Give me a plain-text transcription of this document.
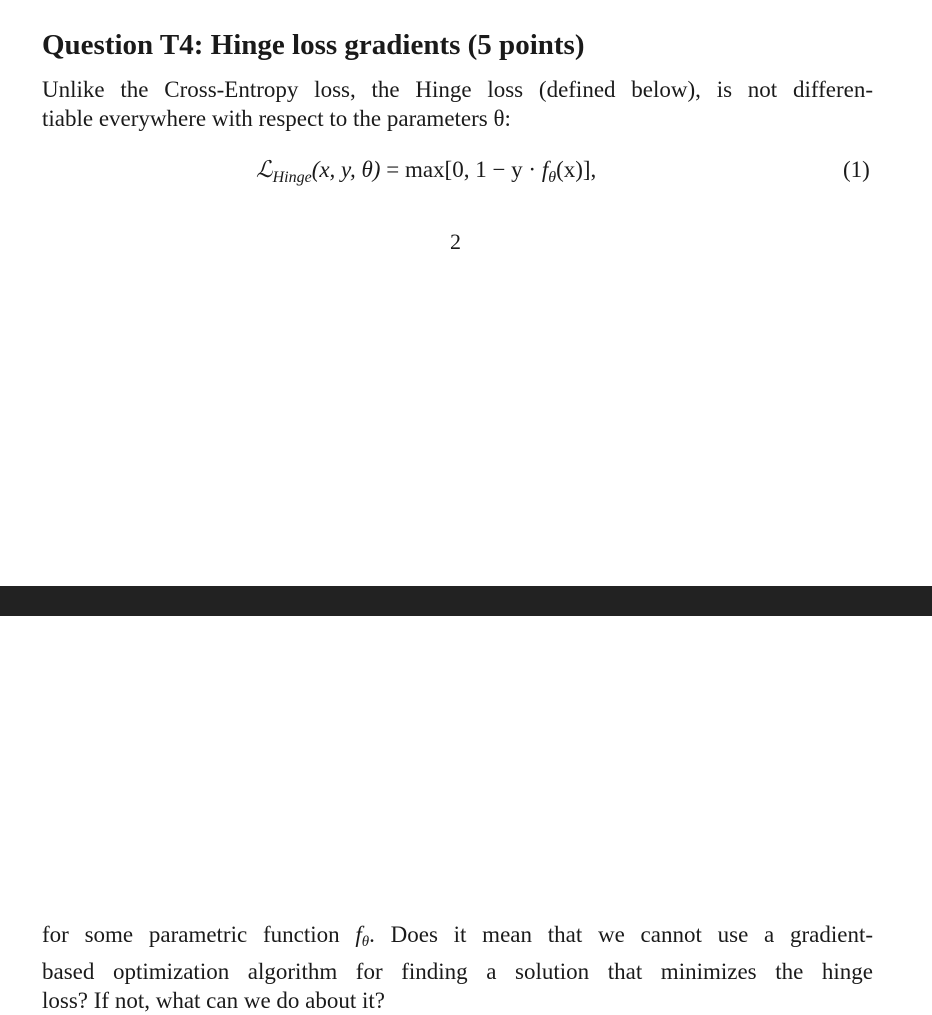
Question T4: Hinge loss gradients (5 points)

Unlike the Cross-Entropy loss, the Hinge loss (defined below), is not differen-
tiable everywhere with respect to the parameters θ:

ℒ$_{Hinge}$(x, y, θ) = max[0, $1 - y \cdot f_\theta(x)$],	(1)
2

for some parametric function $f_\theta$. Does it mean that we cannot use a gradient-
based optimization algorithm for finding a solution that minimizes the hinge
loss? If not, what can we do about it?
